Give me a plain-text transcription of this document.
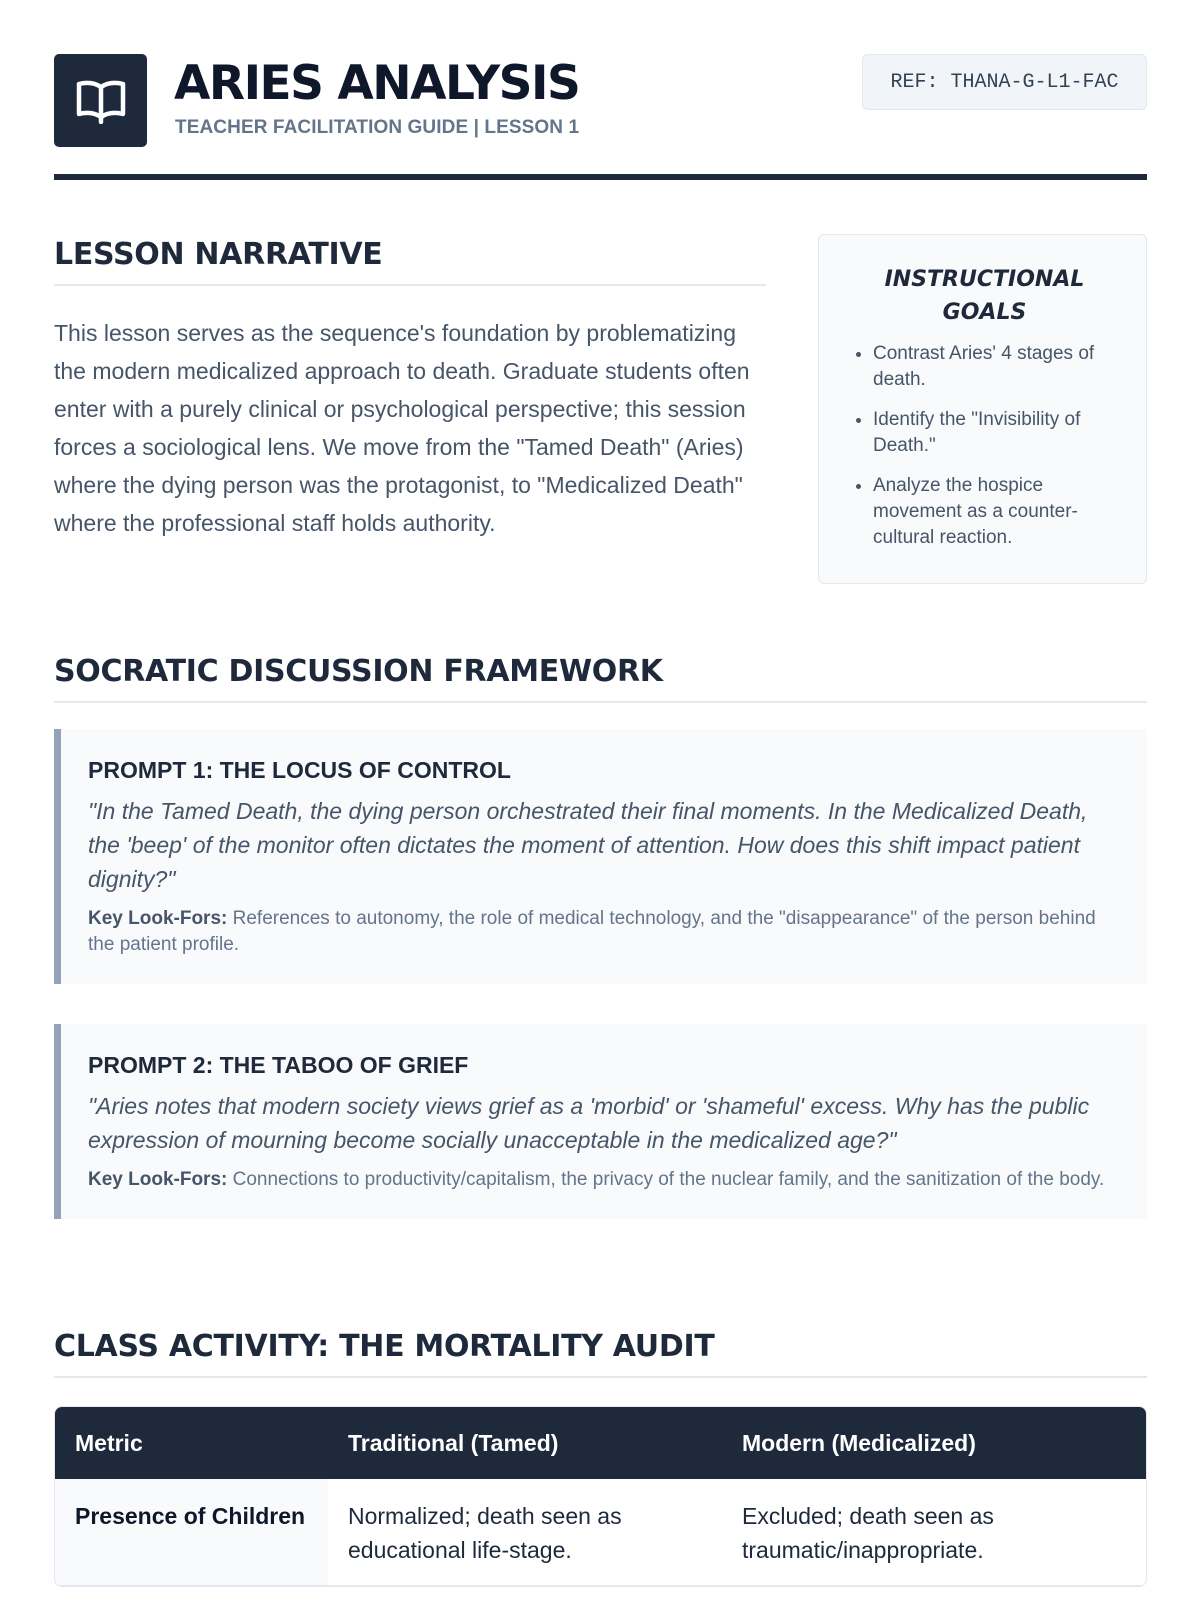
ARIES ANALYSIS
TEACHER FACILITATION GUIDE | LESSON 1
REF: THANA-G-L1-FAC
LESSON NARRATIVE

This lesson serves as the sequence's foundation by problematizing the modern medicalized approach to death. Graduate students often enter with a purely clinical or psychological perspective; this session forces a sociological lens. We move from the "Tamed Death" (Aries) where the dying person was the protagonist, to "Medicalized Death" where the professional staff holds authority.

INSTRUCTIONAL GOALS
• Contrast Aries' 4 stages of death.
• Identify the "Invisibility of Death."
• Analyze the hospice movement as a counter-cultural reaction.
SOCRATIC DISCUSSION FRAMEWORK
PROMPT 1: THE LOCUS OF CONTROL
"In the Tamed Death, the dying person orchestrated their final moments. In the Medicalized Death, the 'beep' of the monitor often dictates the moment of attention. How does this shift impact patient dignity?"
Key Look-Fors: References to autonomy, the role of medical technology, and the "disappearance" of the person behind the patient profile.
PROMPT 2: THE TABOO OF GRIEF
"Aries notes that modern society views grief as a 'morbid' or 'shameful' excess. Why has the public expression of mourning become socially unacceptable in the medicalized age?"
Key Look-Fors: Connections to productivity/capitalism, the privacy of the nuclear family, and the sanitization of the body.
CLASS ACTIVITY: THE MORTALITY AUDIT
Metric	Traditional (Tamed)	Modern (Medicalized)
Presence of Children	Normalized; death seen as educational life-stage.	Excluded; death seen as traumatic/inappropriate.
